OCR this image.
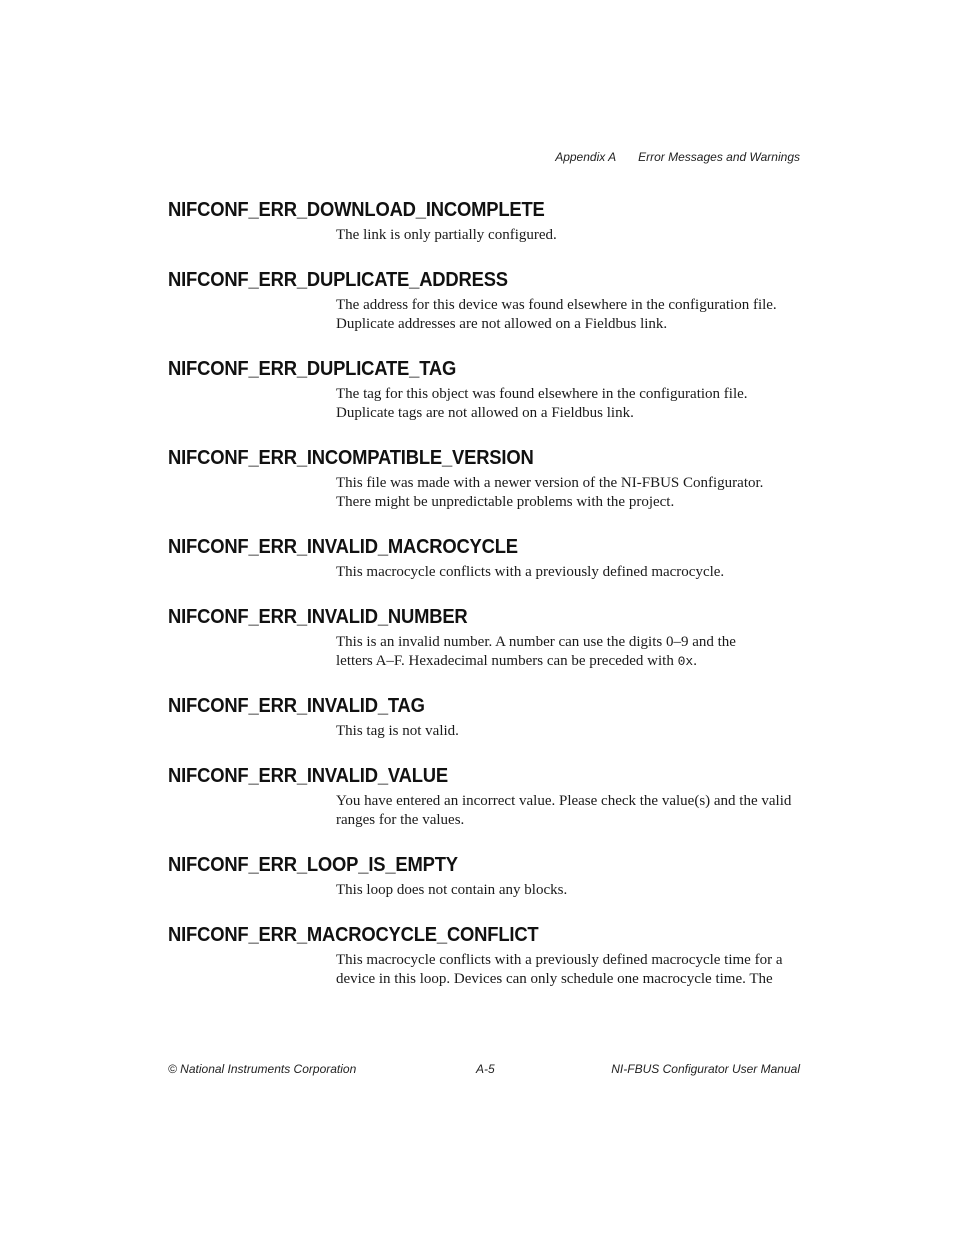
Appendix A Error Messages and Warnings
NIFCONF_ERR_DOWNLOAD_INCOMPLETE
The link is only partially configured.
NIFCONF_ERR_DUPLICATE_ADDRESS
The address for this device was found elsewhere in the configuration file.
Duplicate addresses are not allowed on a Fieldbus link.
NIFCONF_ERR_DUPLICATE_TAG
The tag for this object was found elsewhere in the configuration file.
Duplicate tags are not allowed on a Fieldbus link.
NIFCONF_ERR_INCOMPATIBLE_VERSION
This file was made with a newer version of the NI-FBUS Configurator.
There might be unpredictable problems with the project.
NIFCONF_ERR_INVALID_MACROCYCLE
This macrocycle conflicts with a previously defined macrocycle.
NIFCONF_ERR_INVALID_NUMBER
This is an invalid number. A number can use the digits 0–9 and the
letters A–F. Hexadecimal numbers can be preceded with 0x.
NIFCONF_ERR_INVALID_TAG
This tag is not valid.
NIFCONF_ERR_INVALID_VALUE
You have entered an incorrect value. Please check the value(s) and the valid
ranges for the values.
NIFCONF_ERR_LOOP_IS_EMPTY
This loop does not contain any blocks.
NIFCONF_ERR_MACROCYCLE_CONFLICT
This macrocycle conflicts with a previously defined macrocycle time for a
device in this loop. Devices can only schedule one macrocycle time. The
© National Instruments Corporation	A-5	NI-FBUS Configurator User Manual
